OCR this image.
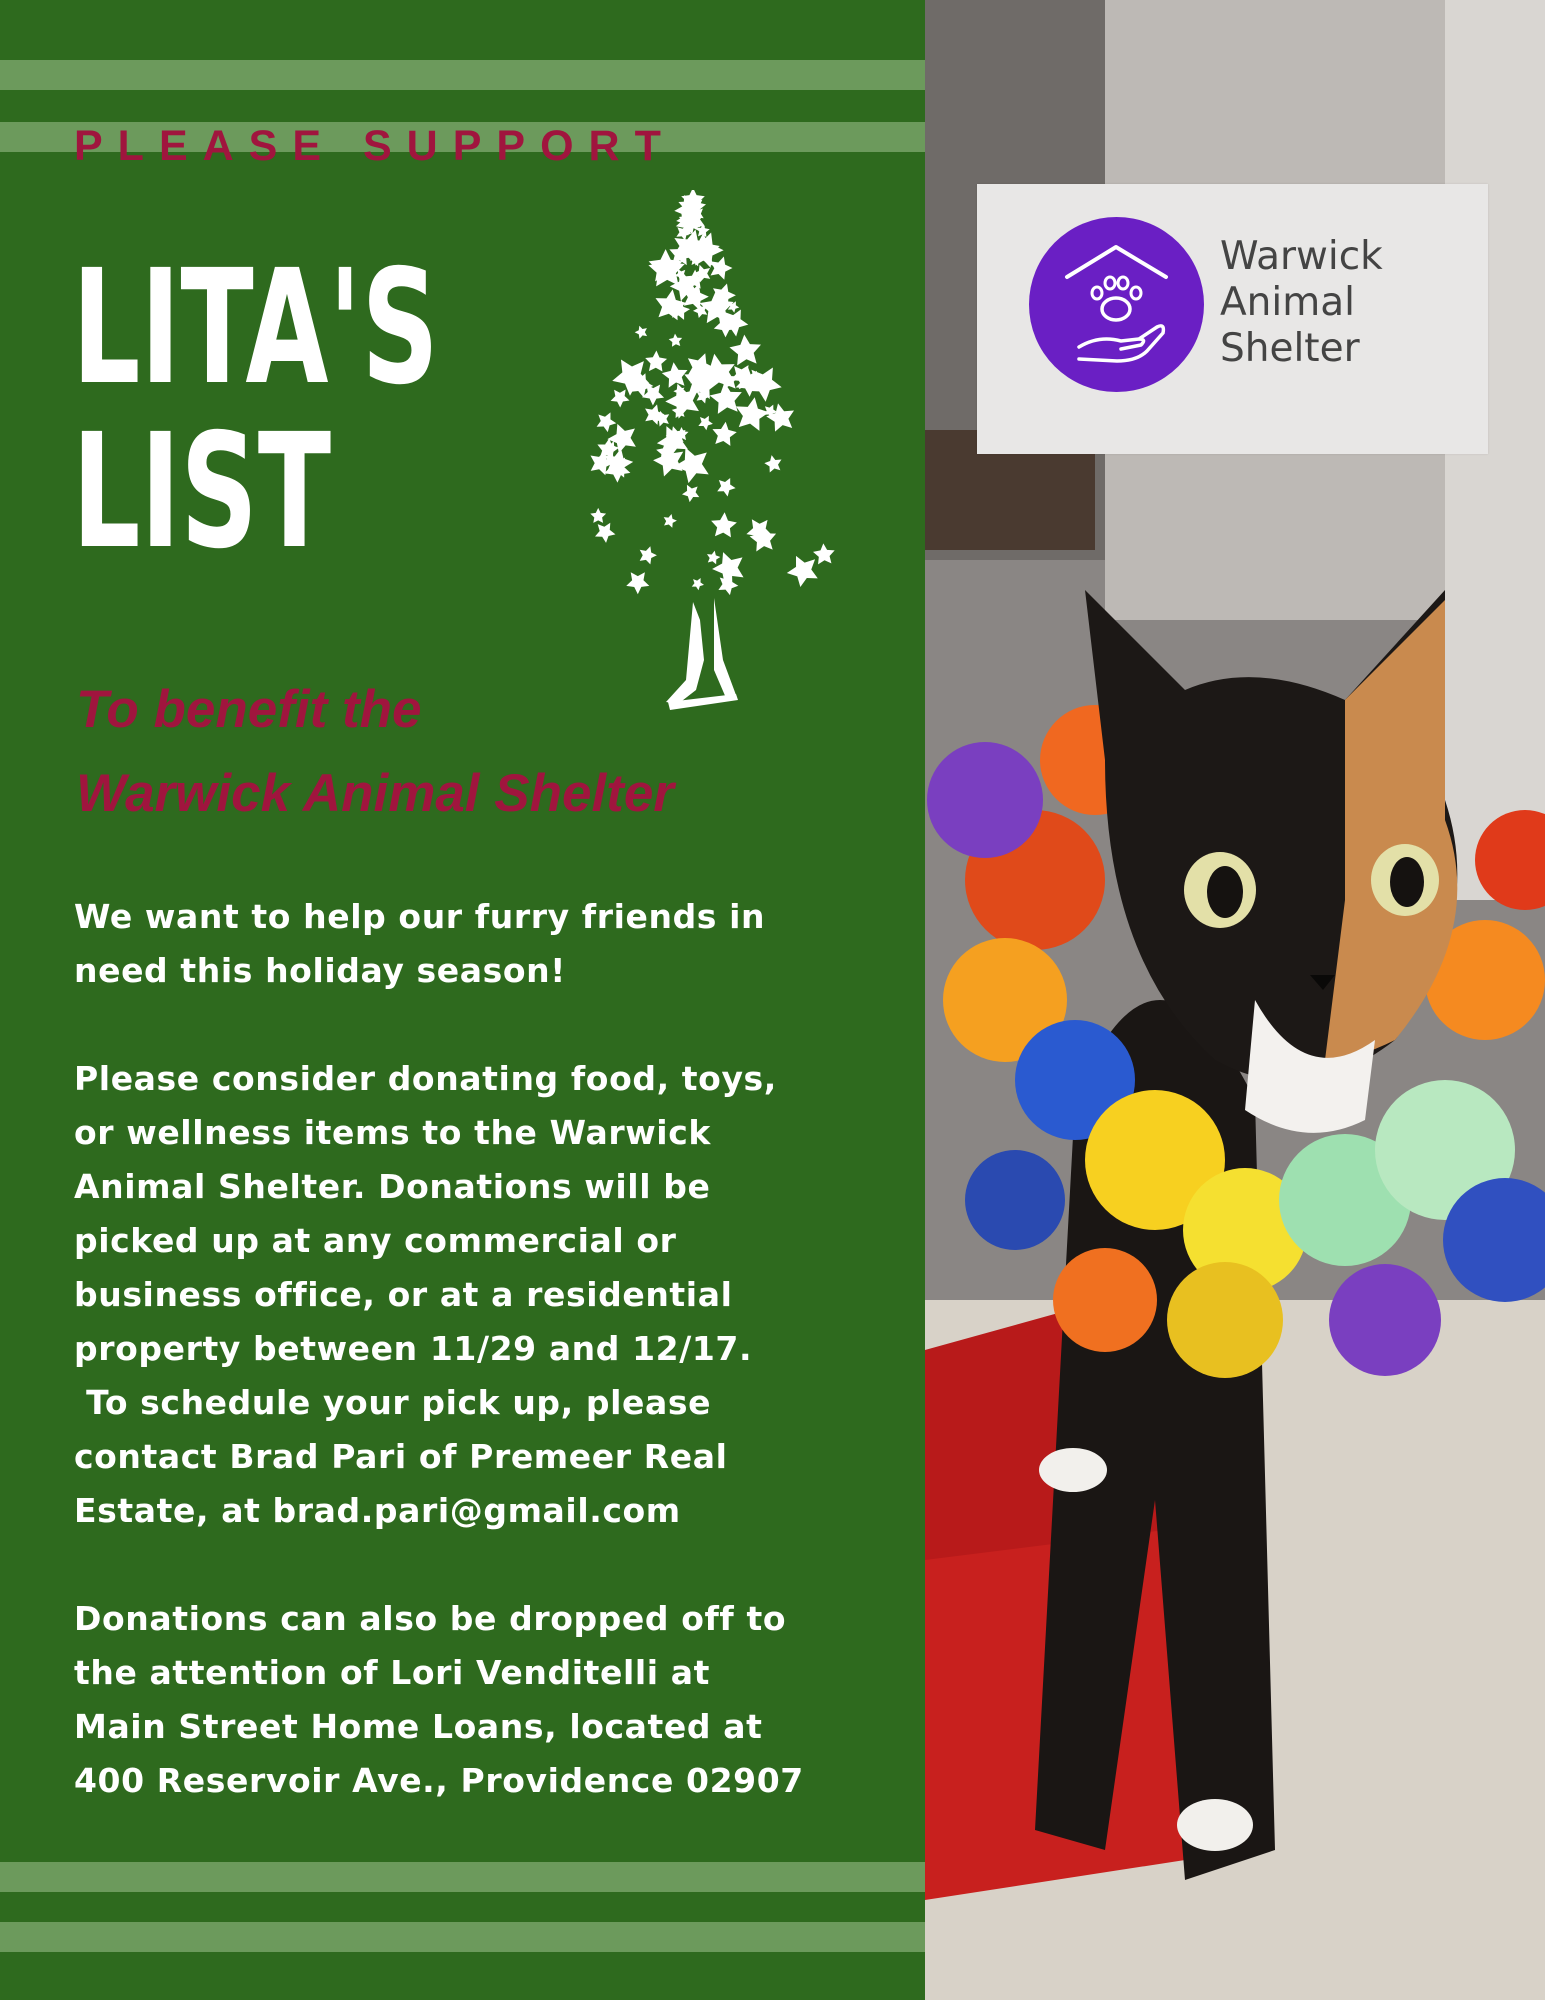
PLEASE SUPPORT
LITA'S
LIST
To benefit the
Warwick Animal Shelter

We want to help our furry friends in
need this holiday season!

Please consider donating food, toys,
or wellness items to the Warwick
Animal Shelter. Donations will be
picked up at any commercial or
business office, or at a residential
property between 11/29 and 12/17.
To schedule your pick up, please
contact Brad Pari of Premeer Real
Estate, at brad.pari@gmail.com

Donations can also be dropped off to
the attention of Lori Venditelli at
Main Street Home Loans, located at
400 Reservoir Ave., Providence 02907

Warwick
Animal
Shelter
